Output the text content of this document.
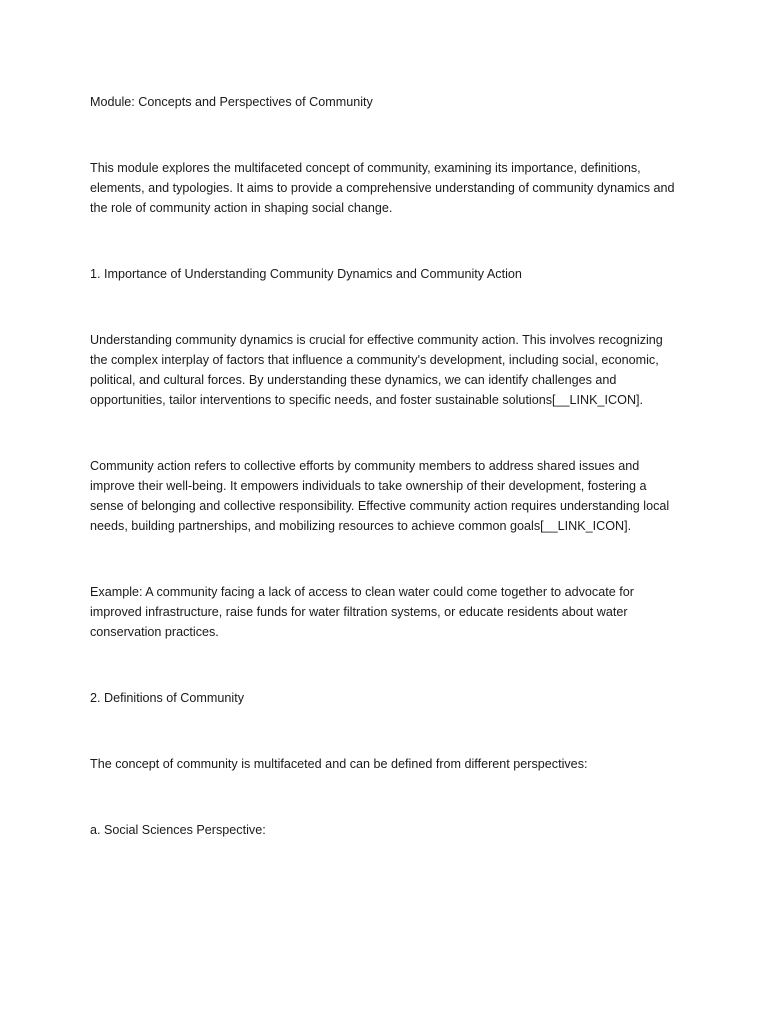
Module: Concepts and Perspectives of Community

This module explores the multifaceted concept of community, examining its importance, definitions, elements, and typologies. It aims to provide a comprehensive understanding of community dynamics and the role of community action in shaping social change.

1. Importance of Understanding Community Dynamics and Community Action

Understanding community dynamics is crucial for effective community action. This involves recognizing the complex interplay of factors that influence a community's development, including social, economic, political, and cultural forces. By understanding these dynamics, we can identify challenges and opportunities, tailor interventions to specific needs, and foster sustainable solutions[__LINK_ICON].

Community action refers to collective efforts by community members to address shared issues and improve their well-being. It empowers individuals to take ownership of their development, fostering a sense of belonging and collective responsibility. Effective community action requires understanding local needs, building partnerships, and mobilizing resources to achieve common goals[__LINK_ICON].

Example: A community facing a lack of access to clean water could come together to advocate for improved infrastructure, raise funds for water filtration systems, or educate residents about water conservation practices.

2. Definitions of Community

The concept of community is multifaceted and can be defined from different perspectives:

a. Social Sciences Perspective:
